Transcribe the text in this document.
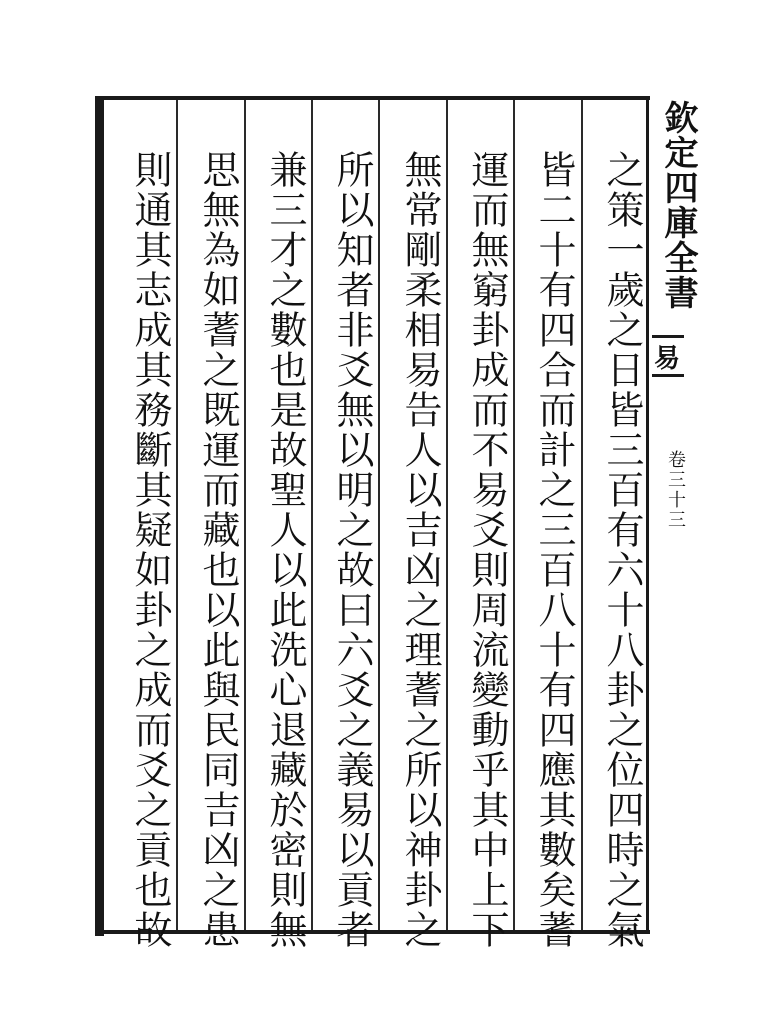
之策一歲之日皆三百有六十八卦之位四時之氣
皆二十有四合而計之三百八十有四應其數矣蓍
運而無窮卦成而不易爻則周流變動乎其中上下
無常剛柔相易告人以吉凶之理蓍之所以神卦之
所以知者非爻無以明之故曰六爻之義易以貢者
兼三才之數也是故聖人以此洗心退藏於密則無
思無為如蓍之既運而藏也以此與民同吉凶之患
則通其志成其務斷其疑如卦之成而爻之貢也故	欽定四庫全書
易
卷三十三
